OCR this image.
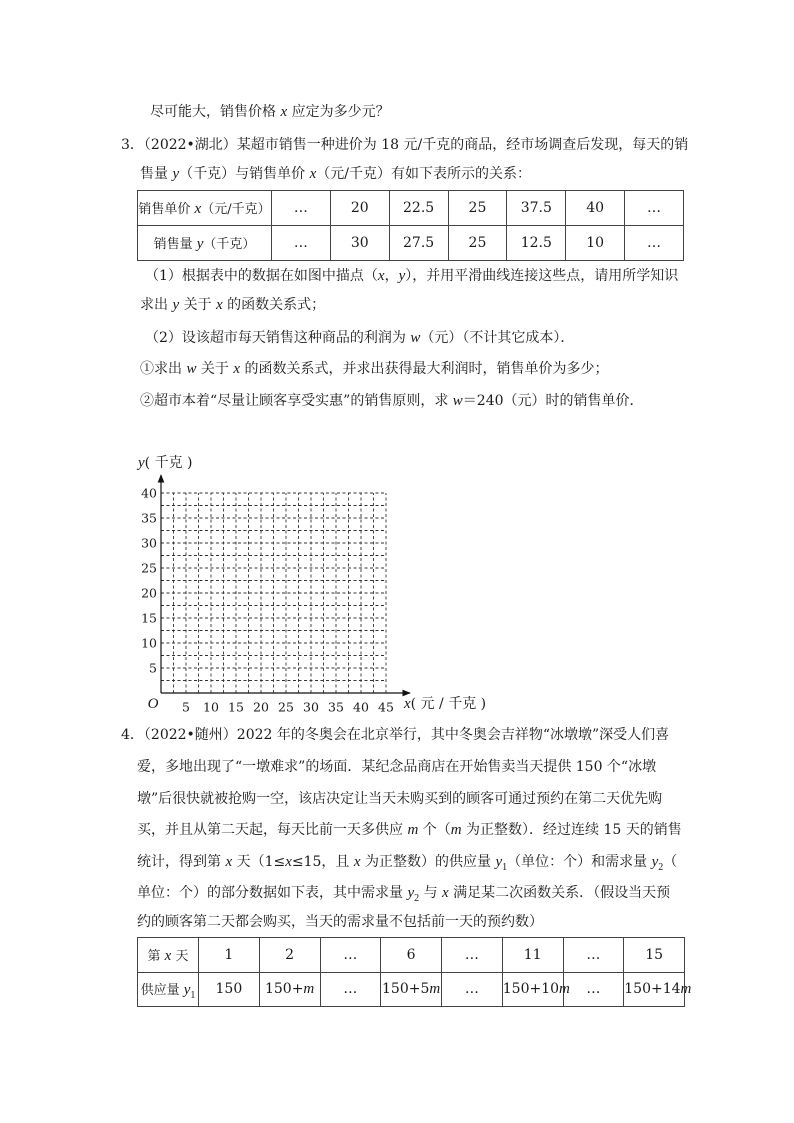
尽可能大，销售价格 x 应定为多少元？
3．（2022•湖北）某超市销售一种进价为 18 元/千克的商品，经市场调查后发现，每天的销
售量 y（千克）与销售单价 x（元/千克）有如下表所示的关系：
销售单价 x（元/千克）	…	20	22.5	25	37.5	40	…
销售量 y（千克）	…	30	27.5	25	12.5	10	…
（1）根据表中的数据在如图中描点（x，y），并用平滑曲线连接这些点，请用所学知识
求出 y 关于 x 的函数关系式；
（2）设该超市每天销售这种商品的利润为 w（元）（不计其它成本）．
①求出 w 关于 x 的函数关系式，并求出获得最大利润时，销售单价为多少；
②超市本着“尽量让顾客享受实惠”的销售原则，求 w＝240（元）时的销售单价．
5 10 15 20 25 30 35 40 45
5
10
15
20
25
30
35
40
y( 千克 )
x( 元 / 千克 )
O
4．（2022•随州）2022 年的冬奥会在北京举行，其中冬奥会吉祥物“冰墩墩”深受人们喜
爱，多地出现了“一墩难求”的场面．某纪念品商店在开始售卖当天提供 150 个“冰墩
墩”后很快就被抢购一空，该店决定让当天未购买到的顾客可通过预约在第二天优先购
买，并且从第二天起，每天比前一天多供应 m 个（m 为正整数）．经过连续 15 天的销售
统计，得到第 x 天（1≤x≤15，且 x 为正整数）的供应量 $y_1$（单位：个）和需求量 $y_2$（
单位：个）的部分数据如下表，其中需求量 $y_2$ 与 x 满足某二次函数关系．（假设当天预
约的顾客第二天都会购买，当天的需求量不包括前一天的预约数）
第 x 天	1	2	…	6	…	11	…	15
供应量 $y_1$	150	150+m	…	150+5m	…	150+10m	…	150+14m
